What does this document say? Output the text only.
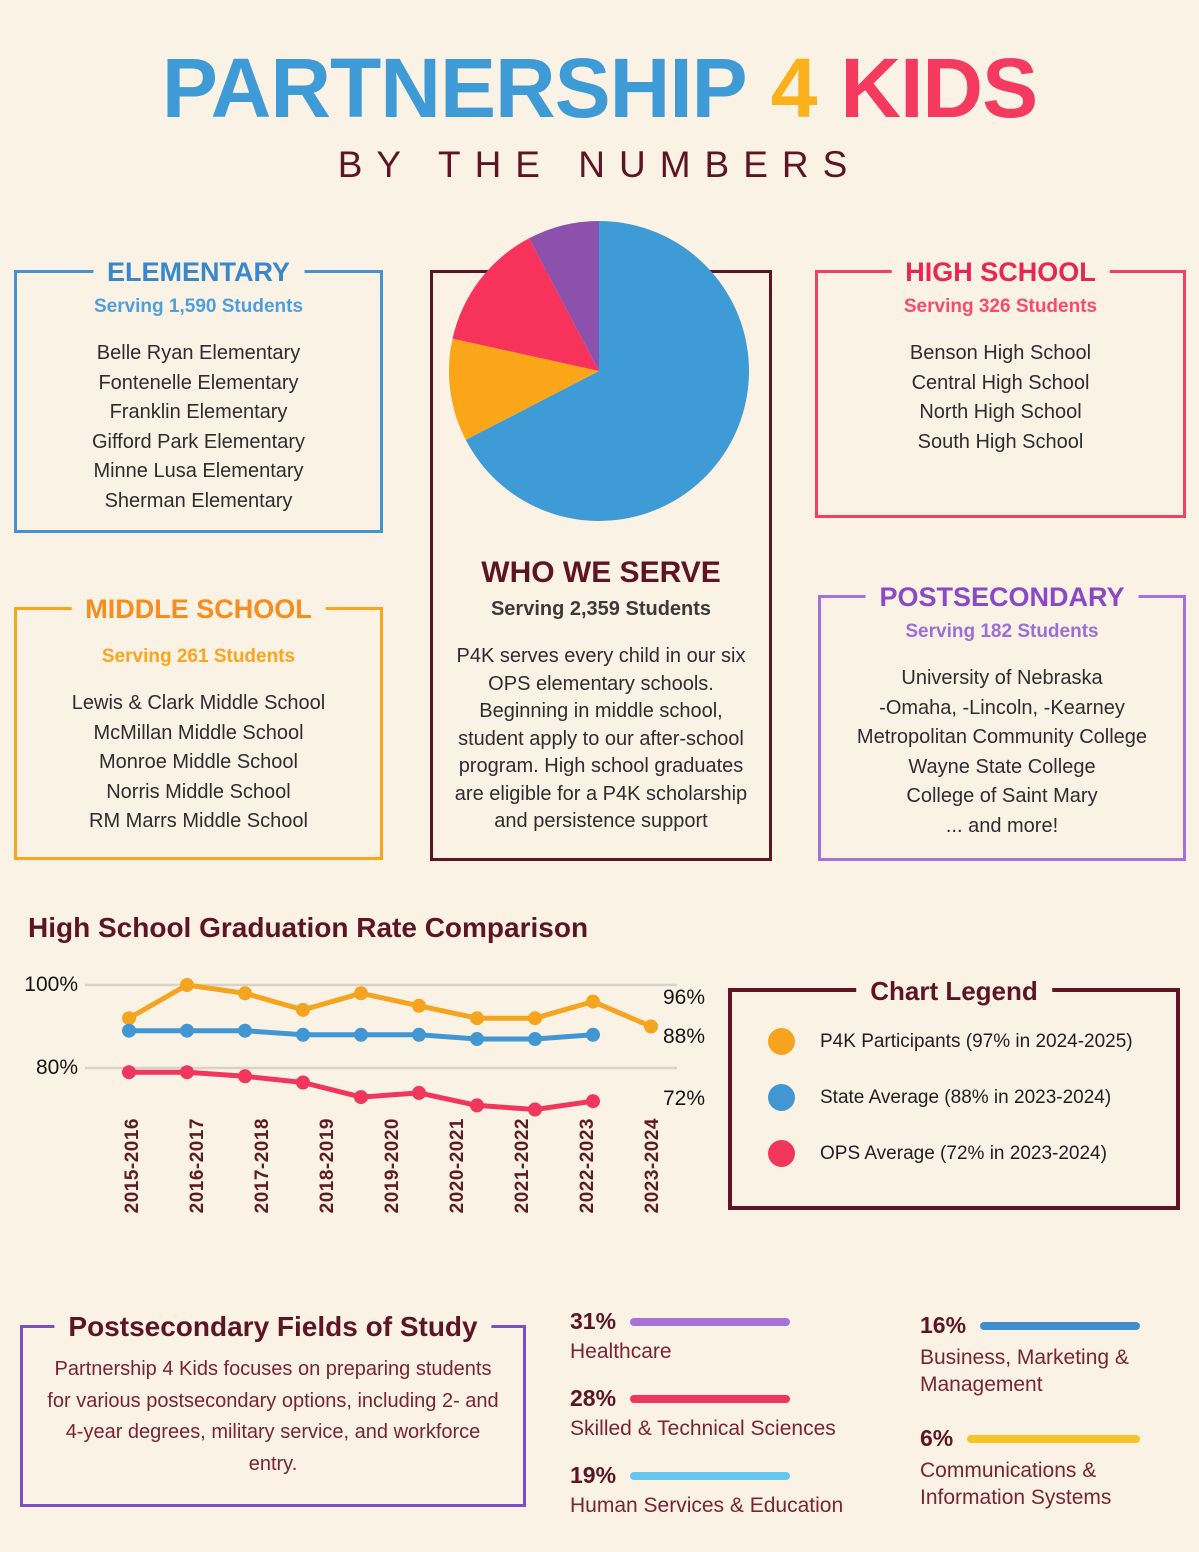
PARTNERSHIP 4 KIDS
BY THE NUMBERS
ELEMENTARY
Serving 1,590 Students
Belle Ryan Elementary
Fontenelle Elementary
Franklin Elementary
Gifford Park Elementary
Minne Lusa Elementary
Sherman Elementary
HIGH SCHOOL
Serving 326 Students
Benson High School
Central High School
North High School
South High School
MIDDLE SCHOOL
Serving 261 Students
Lewis & Clark Middle School
McMillan Middle School
Monroe Middle School
Norris Middle School
RM Marrs Middle School
POSTSECONDARY
Serving 182 Students
University of Nebraska
-Omaha, -Lincoln, -Kearney
Metropolitan Community College
Wayne State College
College of Saint Mary
... and more!
WHO WE SERVE
Serving 2,359 Students
P4K serves every child in our six OPS elementary schools. Beginning in middle school, student apply to our after-school program. High school graduates are eligible for a P4K scholarship and persistence support
High School Graduation Rate Comparison
100%
80%
96%
88%
72%
2015-2016 2016-2017 2017-2018 2018-2019 2019-2020 2020-2021 2021-2022 2022-2023 2023-2024
Chart Legend
P4K Participants (97% in 2024-2025)
State Average (88% in 2023-2024)
OPS Average (72% in 2023-2024)
Postsecondary Fields of Study
Partnership 4 Kids focuses on preparing students for various postsecondary options, including 2- and 4-year degrees, military service, and workforce entry.
31%
Healthcare
28%
Skilled & Technical Sciences
19%
Human Services & Education
16%
Business, Marketing & Management
6%
Communications & Information Systems
